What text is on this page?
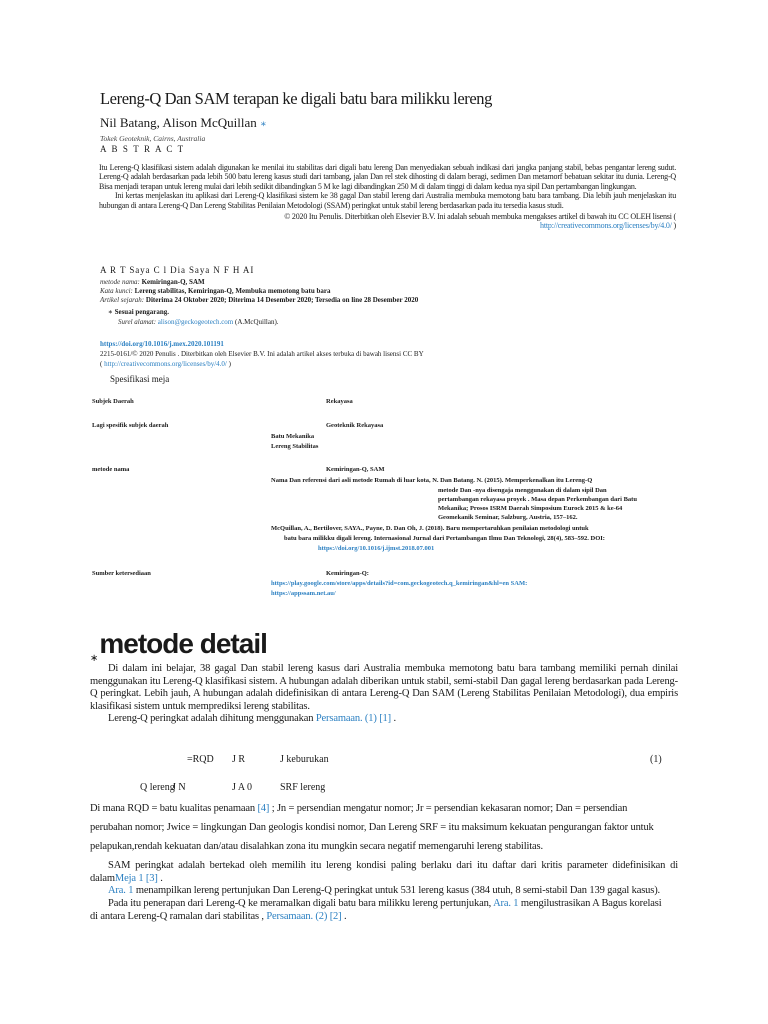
Lereng-Q Dan SAM terapan ke digali batu bara milikku lereng
Nil Batang, Alison McQuillan ∗
Tokek Geoteknik, Cairns, Australia
A B S T R A C T

Itu Lereng-Q klasifikasi sistem adalah digunakan ke menilai itu stabilitas dari digali batu lereng Dan menyediakan sebuah indikasi dari jangka panjang stabil, bebas pengantar lereng sudut. Lereng-Q adalah berdasarkan pada lebih 500 batu lereng kasus studi dari tambang, jalan Dan rel stek dihosting di dalam beragi, sedimen Dan metamorf bebatuan sekitar itu dunia. Lereng-Q Bisa menjadi terapan untuk lereng mulai dari lebih sedikit dibandingkan 5 M ke lagi dibandingkan 250 M di dalam tinggi di dalam kedua nya sipil Dan pertambangan lingkungan.

Ini kertas menjelaskan itu aplikasi dari Lereng-Q klasifikasi sistem ke 38 gagal Dan stabil lereng dari Australia membuka memotong batu bara tambang. Dia lebih jauh menjelaskan itu hubungan di antara Lereng-Q Dan Lereng Stabilitas Penilaian Metodologi (SSAM) peringkat untuk stabil lereng berdasarkan pada itu tersedia kasus studi.

© 2020 Itu Penulis. Diterbitkan oleh Elsevier B.V. Ini adalah sebuah membuka mengakses artikel di bawah itu CC OLEH lisensi (

http://creativecommons.org/licenses/by/4.0/ )

A R T Saya C l Dia Saya N F H AI
metode nama: Kemiringan-Q, SAM
Kata kunci: Lereng stabilitas, Kemiringan-Q, Membuka memotong batu bara
Artikel sejarah: Diterima 24 Oktober 2020; Diterima 14 Desember 2020; Tersedia on line 28 Desember 2020
∗ Sesuai pengarang.
Surel alamat: alison@geckogeotech.com (A.McQuillan).
https://doi.org/10.1016/j.mex.2020.101191
2215-0161/© 2020 Penulis . Diterbitkan oleh Elsevier B.V. Ini adalah artikel akses terbuka di bawah lisensi CC BY
( http://creativecommons.org/licenses/by/4.0/ )
Spesifikasi meja
Subjek Daerah	Rekayasa
Lagi spesifik subjek daerah	Geoteknik Rekayasa
Batu Mekanika
Lereng Stabilitas
metode nama	Kemiringan-Q, SAM
Nama Dan referensi dari asli metode Rumah di luar kota, N. Dan Batang. N. (2015). Memperkenalkan itu Lereng-Q
metode Dan -nya disengaja menggunakan di dalam sipil Dan
pertambangan rekayasa proyek . Masa depan Perkembangan dari Batu
Mekanika; Prosos ISRM Daerah Simposium Eurock 2015 & ke-64
Geomekanik Seminar, Salzburg, Austria, 157–162.
McQuillan, A., Bertilover, SAYA., Payne, D. Dan Oh, J. (2018). Baru mempertaruhkan penilaian metodologi untuk
batu bara milikku digali lereng. Internasional Jurnal dari Pertambangan Ilmu Dan Teknologi, 28(4), 583–592. DOI:
https://doi.org/10.1016/j.ijmst.2018.07.001
Sumber ketersediaan	Kemiringan-Q:
https://play.google.com/store/apps/details?id=com.geckogeotech.q_kemiringan&hl=en SAM:
https://appssam.net.au/
$_∗$metode detail

Di dalam ini belajar, 38 gagal Dan stabil lereng kasus dari Australia membuka memotong batu bara tambang memiliki pernah dinilai menggunakan itu Lereng-Q klasifikasi sistem. A hubungan adalah diberikan untuk stabil, semi-stabil Dan gagal lereng berdasarkan pada Lereng-Q peringkat. Lebih jauh, A hubungan adalah didefinisikan di antara Lereng-Q Dan SAM (Lereng Stabilitas Penilaian Metodologi), dua empiris klasifikasi sistem untuk memprediksi lereng stabilitas.

Lereng-Q peringkat adalah dihitung menggunakan Persamaan. (1) [1] .

=RQD J R	J keburukan	(1)
Q lereng
J N	J A 0	SRF lereng

Di mana RQD = batu kualitas penamaan [4] ; Jn = persendian mengatur nomor; Jr = persendian kekasaran nomor; Dan = persendian

perubahan nomor; Jwice = lingkungan Dan geologis kondisi nomor, Dan Lereng SRF = itu maksimum kekuatan pengurangan faktor untuk
pelapukan,rendah kekuatan dan/atau disalahkan zona itu mungkin secara negatif memengaruhi lereng stabilitas.

SAM peringkat adalah bertekad oleh memilih itu lereng kondisi paling berlaku dari itu daftar dari kritis parameter didefinisikan di dalamMeja 1 [3] .

Ara. 1 menampilkan lereng pertunjukan Dan Lereng-Q peringkat untuk 531 lereng kasus (384 utuh, 8 semi-stabil Dan 139 gagal kasus).

Pada itu penerapan dari Lereng-Q ke meramalkan digali batu bara milikku lereng pertunjukan, Ara. 1 mengilustrasikan A Bagus korelasi

di antara Lereng-Q ramalan dari stabilitas , Persamaan. (2) [2] .
